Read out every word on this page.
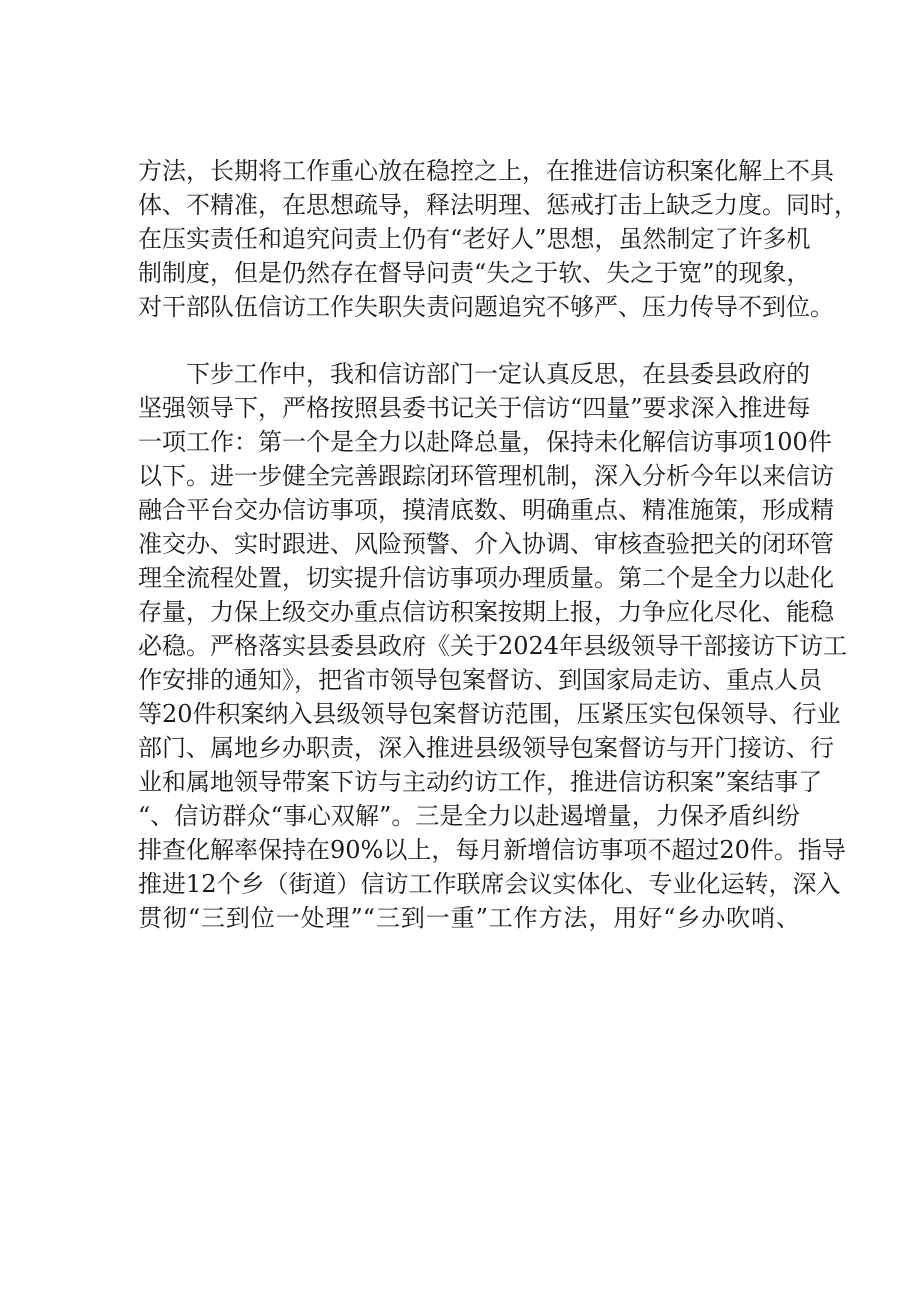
方法，长期将工作重心放在稳控之上，在推进信访积案化解上不具
体、不精准，在思想疏导，释法明理、惩戒打击上缺乏力度。同时，
在压实责任和追究问责上仍有“老好人”思想，虽然制定了许多机
制制度，但是仍然存在督导问责“失之于软、失之于宽”的现象，
对干部队伍信访工作失职失责问题追究不够严、压力传导不到位。
　　下步工作中，我和信访部门一定认真反思，在县委县政府的
坚强领导下，严格按照县委书记关于信访“四量”要求深入推进每
一项工作：第一个是全力以赴降总量，保持未化解信访事项100件
以下。进一步健全完善跟踪闭环管理机制，深入分析今年以来信访
融合平台交办信访事项，摸清底数、明确重点、精准施策，形成精
准交办、实时跟进、风险预警、介入协调、审核查验把关的闭环管
理全流程处置，切实提升信访事项办理质量。第二个是全力以赴化
存量，力保上级交办重点信访积案按期上报，力争应化尽化、能稳
必稳。严格落实县委县政府《关于2024年县级领导干部接访下访工
作安排的通知》，把省市领导包案督访、到国家局走访、重点人员
等20件积案纳入县级领导包案督访范围，压紧压实包保领导、行业
部门、属地乡办职责，深入推进县级领导包案督访与开门接访、行
业和属地领导带案下访与主动约访工作，推进信访积案”案结事了
“、信访群众“事心双解”。三是全力以赴遏增量，力保矛盾纠纷
排查化解率保持在90%以上，每月新增信访事项不超过20件。指导
推进12个乡（街道）信访工作联席会议实体化、专业化运转，深入
贯彻“三到位一处理”“三到一重”工作方法，用好“乡办吹哨、
